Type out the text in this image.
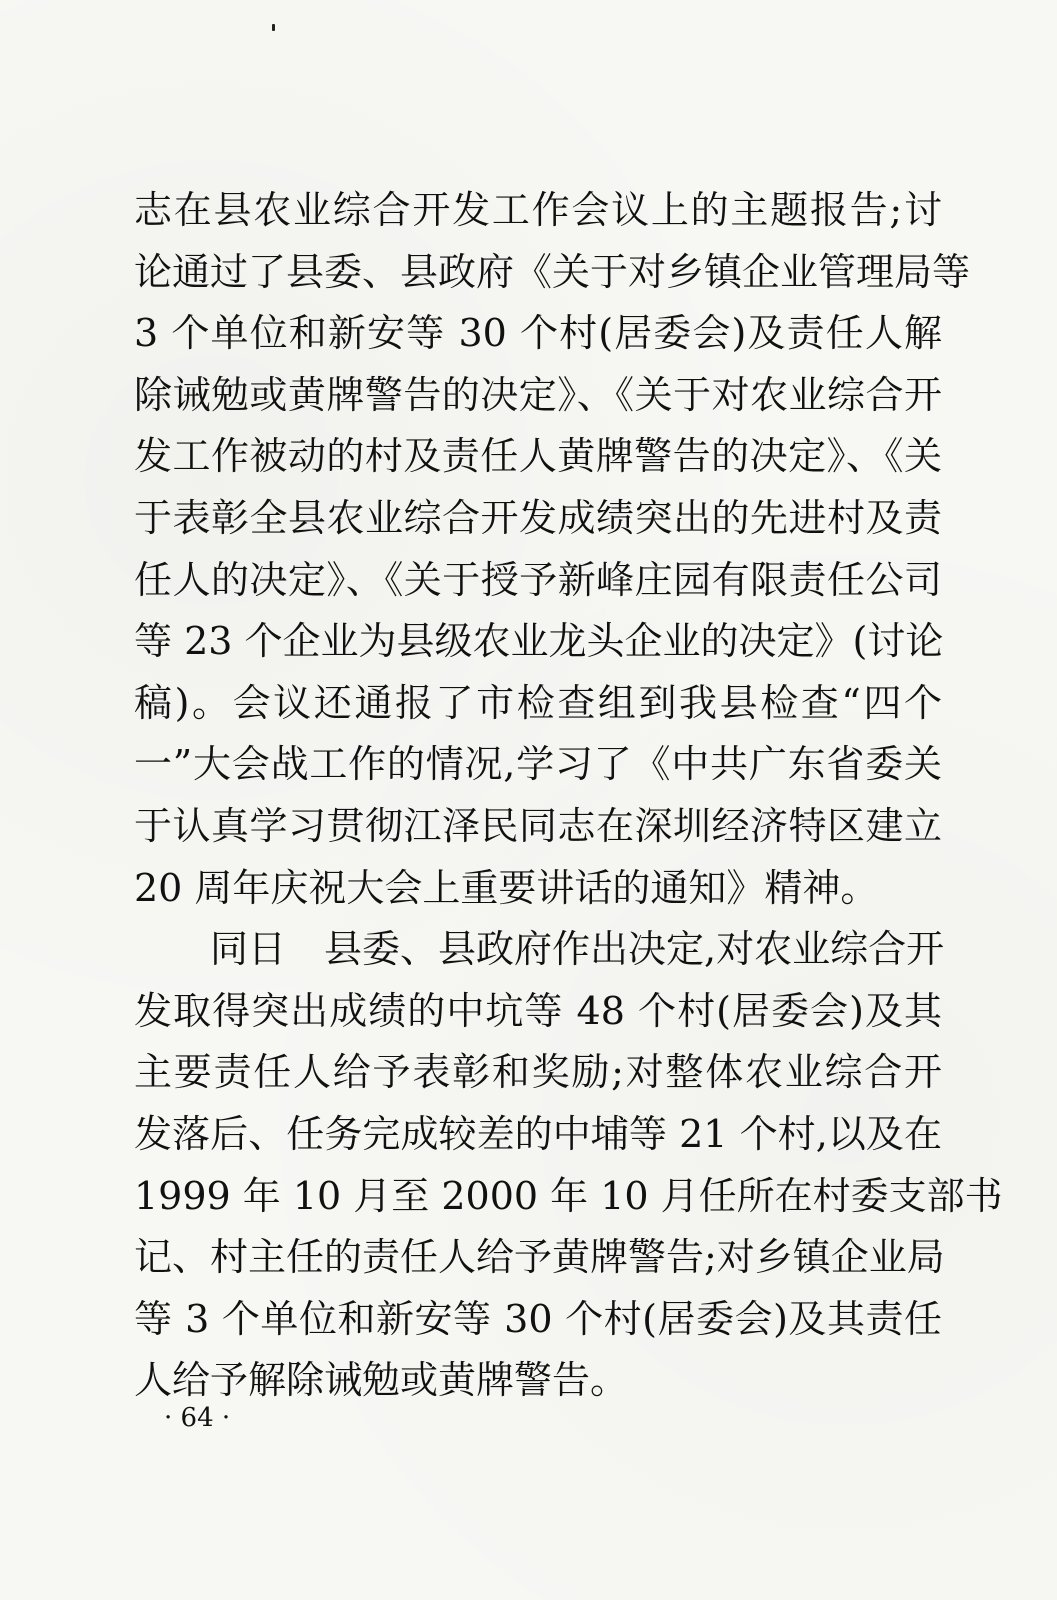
志在县农业综合开发工作会议上的主题报告;讨
论通过了县委、县政府《关于对乡镇企业管理局等
3 个单位和新安等 30 个村(居委会)及责任人解
除诫勉或黄牌警告的决定》、《关于对农业综合开
发工作被动的村及责任人黄牌警告的决定》、《关
于表彰全县农业综合开发成绩突出的先进村及责
任人的决定》、《关于授予新峰庄园有限责任公司
等 23 个企业为县级农业龙头企业的决定》(讨论
稿)。会议还通报了市检查组到我县检查“四个
一”大会战工作的情况,学习了《中共广东省委关
于认真学习贯彻江泽民同志在深圳经济特区建立
20 周年庆祝大会上重要讲话的通知》精神。
同日　县委、县政府作出决定,对农业综合开
发取得突出成绩的中坑等 48 个村(居委会)及其
主要责任人给予表彰和奖励;对整体农业综合开
发落后、任务完成较差的中埔等 21 个村,以及在
1999 年 10 月至 2000 年 10 月任所在村委支部书
记、村主任的责任人给予黄牌警告;对乡镇企业局
等 3 个单位和新安等 30 个村(居委会)及其责任
人给予解除诫勉或黄牌警告。
· 64 ·
